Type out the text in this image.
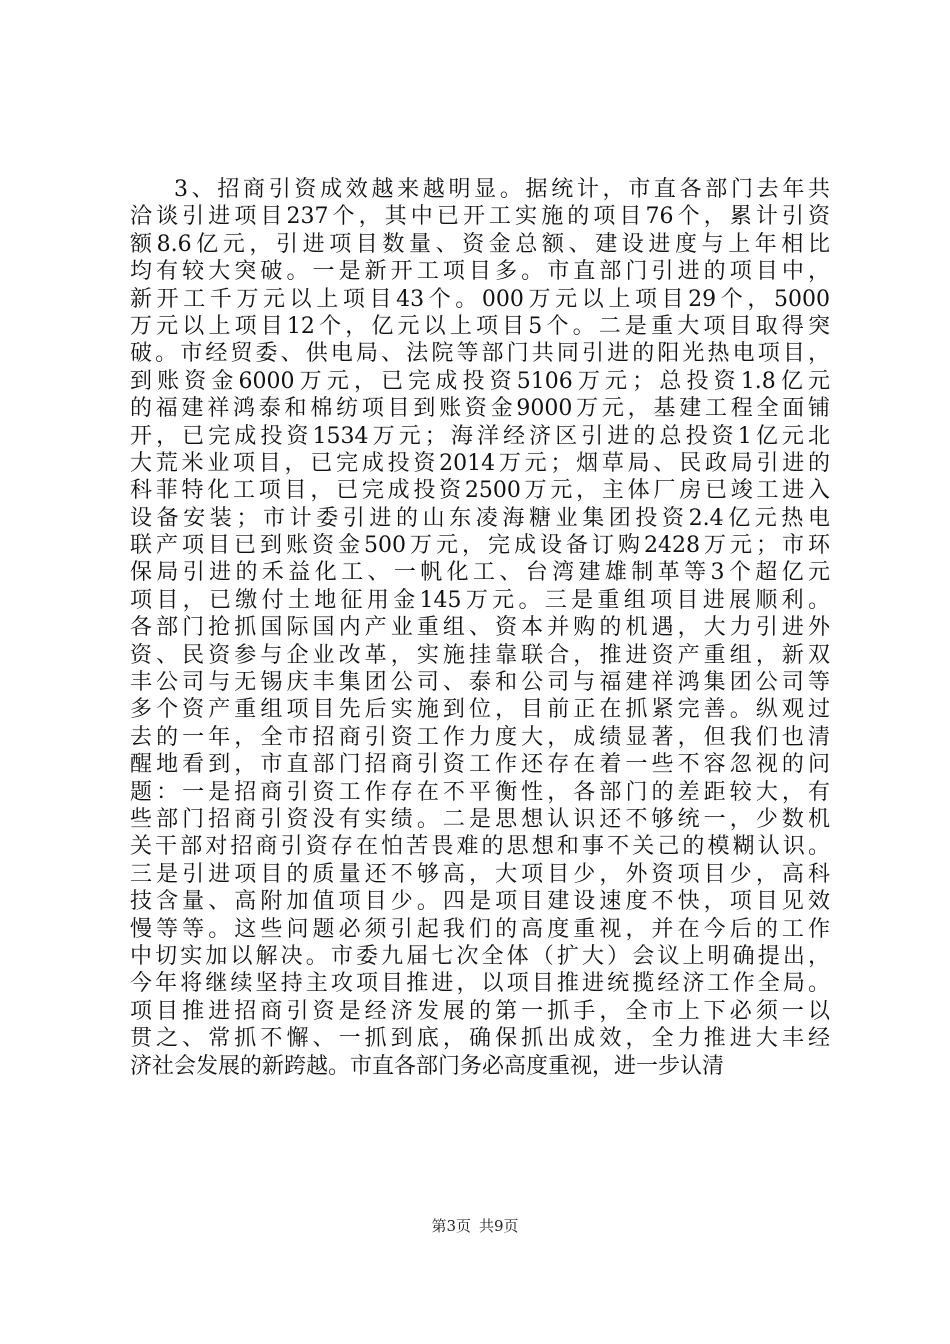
3、招商引资成效越来越明显。据统计，市直各部门去年共
洽谈引进项目237个，其中已开工实施的项目76个，累计引资
额8.6亿元，引进项目数量、资金总额、建设进度与上年相比
均有较大突破。一是新开工项目多。市直部门引进的项目中，
新开工千万元以上项目43个。000万元以上项目29个，5000
万元以上项目12个，亿元以上项目5个。二是重大项目取得突
破。市经贸委、供电局、法院等部门共同引进的阳光热电项目，
到账资金6000万元，已完成投资5106万元；总投资1.8亿元
的福建祥鸿泰和棉纺项目到账资金9000万元，基建工程全面铺
开，已完成投资1534万元；海洋经济区引进的总投资1亿元北
大荒米业项目，已完成投资2014万元；烟草局、民政局引进的
科菲特化工项目，已完成投资2500万元，主体厂房已竣工进入
设备安装；市计委引进的山东凌海糖业集团投资2.4亿元热电
联产项目已到账资金500万元，完成设备订购2428万元；市环
保局引进的禾益化工、一帆化工、台湾建雄制革等3个超亿元
项目，已缴付土地征用金145万元。三是重组项目进展顺利。
各部门抢抓国际国内产业重组、资本并购的机遇，大力引进外
资、民资参与企业改革，实施挂靠联合，推进资产重组，新双
丰公司与无锡庆丰集团公司、泰和公司与福建祥鸿集团公司等
多个资产重组项目先后实施到位，目前正在抓紧完善。纵观过
去的一年，全市招商引资工作力度大，成绩显著，但我们也清
醒地看到，市直部门招商引资工作还存在着一些不容忽视的问
题：一是招商引资工作存在不平衡性，各部门的差距较大，有
些部门招商引资没有实绩。二是思想认识还不够统一，少数机
关干部对招商引资存在怕苦畏难的思想和事不关己的模糊认识。
三是引进项目的质量还不够高，大项目少，外资项目少，高科
技含量、高附加值项目少。四是项目建设速度不快，项目见效
慢等等。这些问题必须引起我们的高度重视，并在今后的工作
中切实加以解决。市委九届七次全体（扩大）会议上明确提出，
今年将继续坚持主攻项目推进，以项目推进统揽经济工作全局。
项目推进招商引资是经济发展的第一抓手，全市上下必须一以
贯之、常抓不懈、一抓到底，确保抓出成效，全力推进大丰经
济社会发展的新跨越。市直各部门务必高度重视，进一步认清
第3页 共9页
